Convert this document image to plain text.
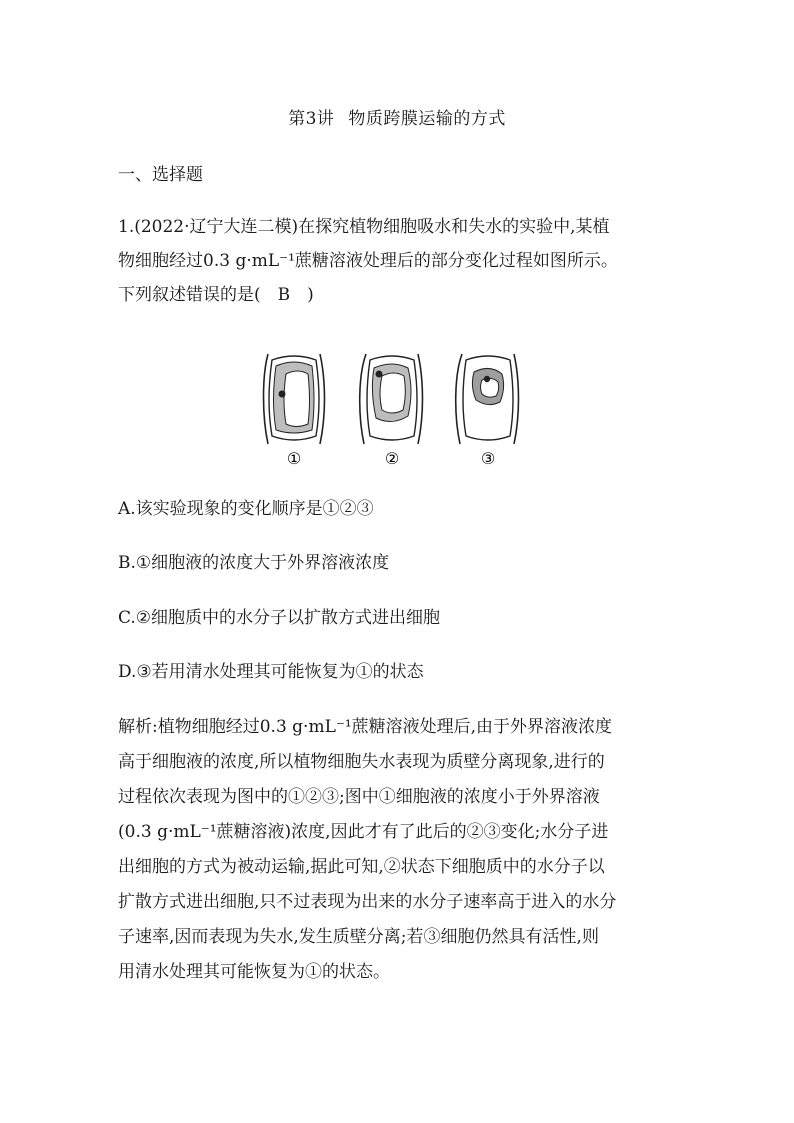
第3讲 物质跨膜运输的方式
一、选择题
1.(2022·辽宁大连二模)在探究植物细胞吸水和失水的实验中,某植
物细胞经过0.3 g·mL⁻¹蔗糖溶液处理后的部分变化过程如图所示。
下列叙述错误的是(　B　)
①	②	③
A.该实验现象的变化顺序是①②③
B.①细胞液的浓度大于外界溶液浓度
C.②细胞质中的水分子以扩散方式进出细胞
D.③若用清水处理其可能恢复为①的状态
解析:植物细胞经过0.3 g·mL⁻¹蔗糖溶液处理后,由于外界溶液浓度
高于细胞液的浓度,所以植物细胞失水表现为质壁分离现象,进行的
过程依次表现为图中的①②③;图中①细胞液的浓度小于外界溶液
(0.3 g·mL⁻¹蔗糖溶液)浓度,因此才有了此后的②③变化;水分子进
出细胞的方式为被动运输,据此可知,②状态下细胞质中的水分子以
扩散方式进出细胞,只不过表现为出来的水分子速率高于进入的水分
子速率,因而表现为失水,发生质壁分离;若③细胞仍然具有活性,则
用清水处理其可能恢复为①的状态。
